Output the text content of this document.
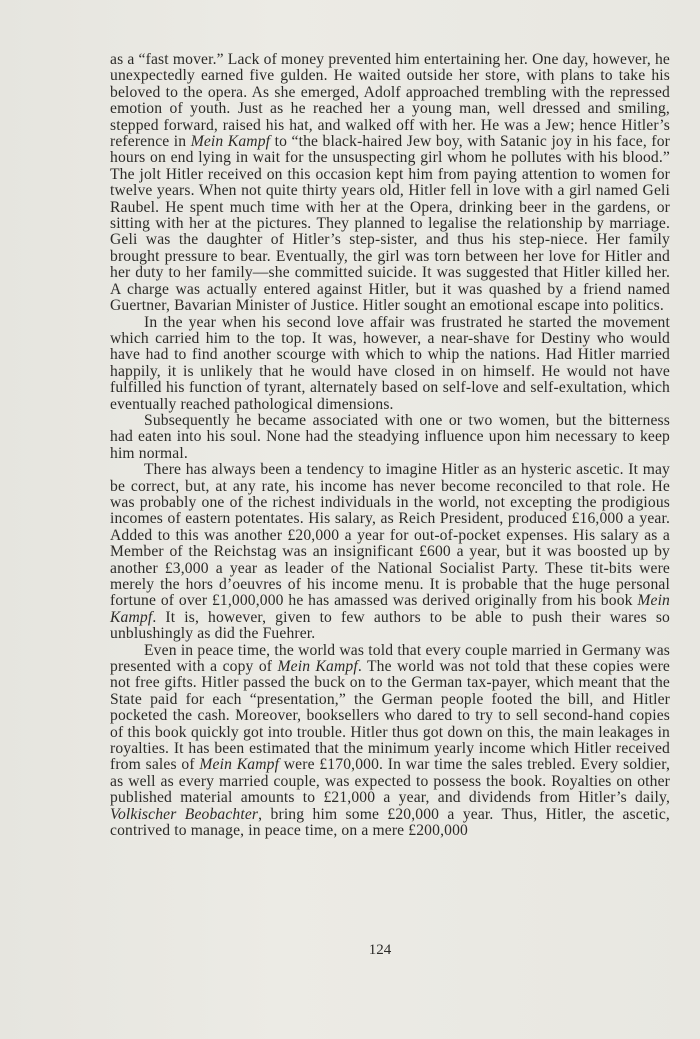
as a “fast mover.” Lack of money prevented him entertaining her. One day, however, he unexpectedly earned five gulden. He waited outside her store, with plans to take his beloved to the opera. As she emerged, Adolf approached trembling with the repressed emotion of youth. Just as he reached her a young man, well dressed and smiling, stepped forward, raised his hat, and walked off with her. He was a Jew; hence Hitler’s reference in Mein Kampf to “the black-haired Jew boy, with Satanic joy in his face, for hours on end lying in wait for the unsuspecting girl whom he pollutes with his blood.” The jolt Hitler received on this occasion kept him from paying attention to women for twelve years. When not quite thirty years old, Hitler fell in love with a girl named Geli Raubel. He spent much time with her at the Opera, drinking beer in the gardens, or sitting with her at the pictures. They planned to legalise the relationship by marriage. Geli was the daughter of Hitler’s step-sister, and thus his step-niece. Her family brought pressure to bear. Eventually, the girl was torn between her love for Hitler and her duty to her family—she committed suicide. It was suggested that Hitler killed her. A charge was actually entered against Hitler, but it was quashed by a friend named Guertner, Bavarian Minister of Justice. Hitler sought an emotional escape into politics.

In the year when his second love affair was frustrated he started the movement which carried him to the top. It was, however, a near-shave for Destiny who would have had to find another scourge with which to whip the nations. Had Hitler married happily, it is unlikely that he would have closed in on himself. He would not have fulfilled his function of tyrant, alternately based on self-love and self-exultation, which eventually reached pathological dimensions.

Subsequently he became associated with one or two women, but the bitterness had eaten into his soul. None had the steadying influence upon him necessary to keep him normal.

There has always been a tendency to imagine Hitler as an hysteric ascetic. It may be correct, but, at any rate, his income has never become reconciled to that role. He was probably one of the richest individuals in the world, not excepting the prodigious incomes of eastern potentates. His salary, as Reich President, produced £16,000 a year. Added to this was another £20,000 a year for out-of-pocket expenses. His salary as a Member of the Reichstag was an insignificant £600 a year, but it was boosted up by another £3,000 a year as leader of the National Socialist Party. These tit-bits were merely the hors d’oeuvres of his income menu. It is probable that the huge personal fortune of over £1,000,000 he has amassed was derived originally from his book Mein Kampf. It is, however, given to few authors to be able to push their wares so unblushingly as did the Fuehrer.

Even in peace time, the world was told that every couple married in Germany was presented with a copy of Mein Kampf. The world was not told that these copies were not free gifts. Hitler passed the buck on to the German tax-payer, which meant that the State paid for each “presentation,” the German people footed the bill, and Hitler pocketed the cash. Moreover, booksellers who dared to try to sell second-hand copies of this book quickly got into trouble. Hitler thus got down on this, the main leakages in royalties. It has been estimated that the minimum yearly income which Hitler received from sales of Mein Kampf were £170,000. In war time the sales trebled. Every soldier, as well as every married couple, was expected to possess the book. Royalties on other published material amounts to £21,000 a year, and dividends from Hitler’s daily, Volkischer Beobachter, bring him some £20,000 a year. Thus, Hitler, the ascetic, contrived to manage, in peace time, on a mere £200,000

124
